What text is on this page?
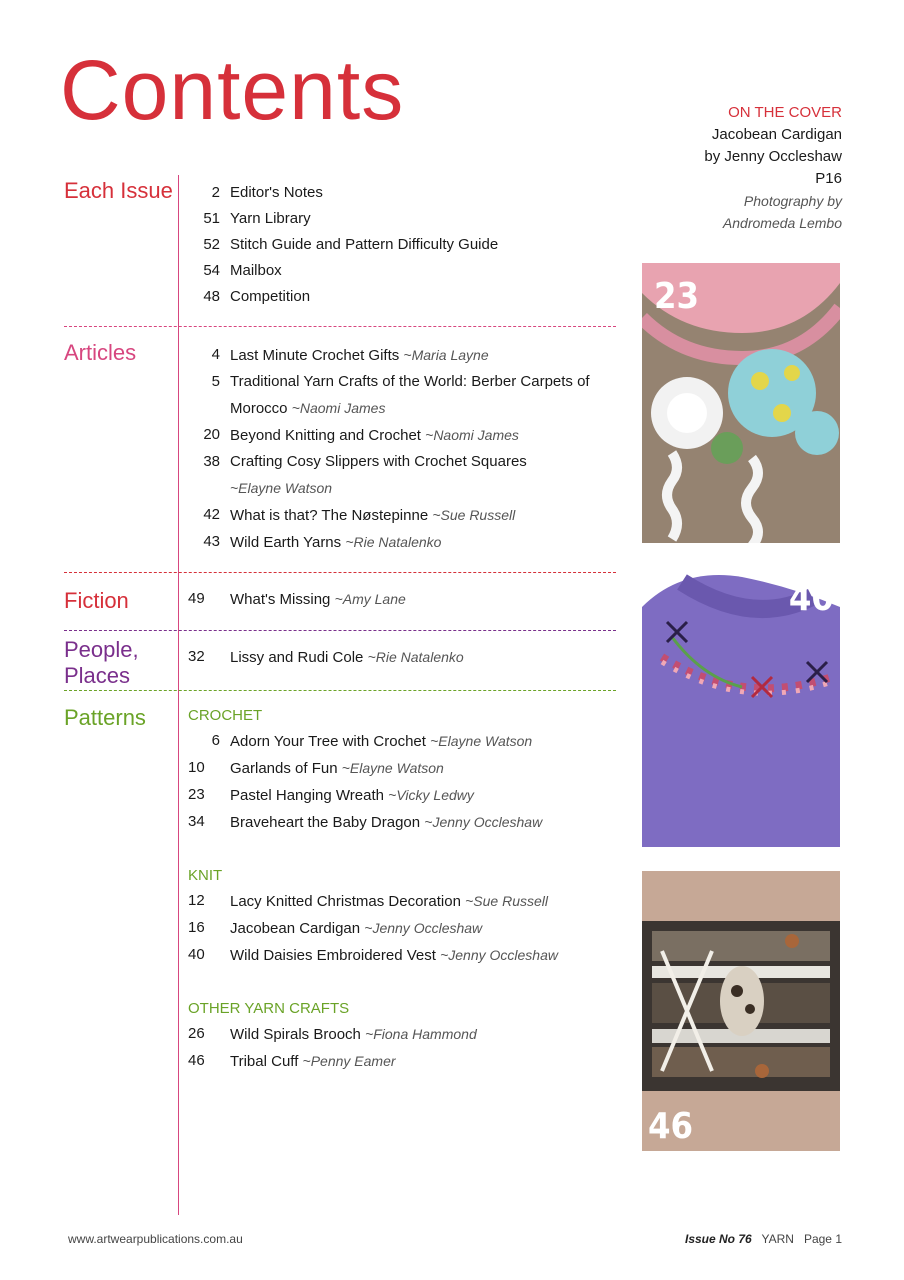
Contents	ON THE COVER
Jacobean Cardigan
by Jenny Occleshaw
P16
Photography by
Andromeda Lembo
Each Issue	2 Editor's Notes
51 Yarn Library
52 Stitch Guide and Pattern Difficulty Guide
54 Mailbox
48 Competition
Articles	4 Last Minute Crochet Gifts ~Maria Layne
5 Traditional Yarn Crafts of the World: Berber Carpets of Morocco ~Naomi James
20 Beyond Knitting and Crochet ~Naomi James
38 Crafting Cosy Slippers with Crochet Squares
~Elayne Watson
42 What is that? The Nøstepinne ~Sue Russell
43 Wild Earth Yarns ~Rie Natalenko
Fiction	49	What's Missing ~Amy Lane
People,
Places
32	Lissy and Rudi Cole ~Rie Natalenko
Patterns	CROCHET
6 Adorn Your Tree with Crochet ~Elayne Watson
10	Garlands of Fun ~Elayne Watson
23	Pastel Hanging Wreath ~Vicky Ledwy
34	Braveheart the Baby Dragon ~Jenny Occleshaw
KNIT
12	Lacy Knitted Christmas Decoration ~Sue Russell
16	Jacobean Cardigan ~Jenny Occleshaw
40	Wild Daisies Embroidered Vest ~Jenny Occleshaw
OTHER YARN CRAFTS
26	Wild Spirals Brooch ~Fiona Hammond
46	Tribal Cuff ~Penny Eamer
23
40
46
www.artwearpublications.com.au	Issue No 76 YARN Page 1
